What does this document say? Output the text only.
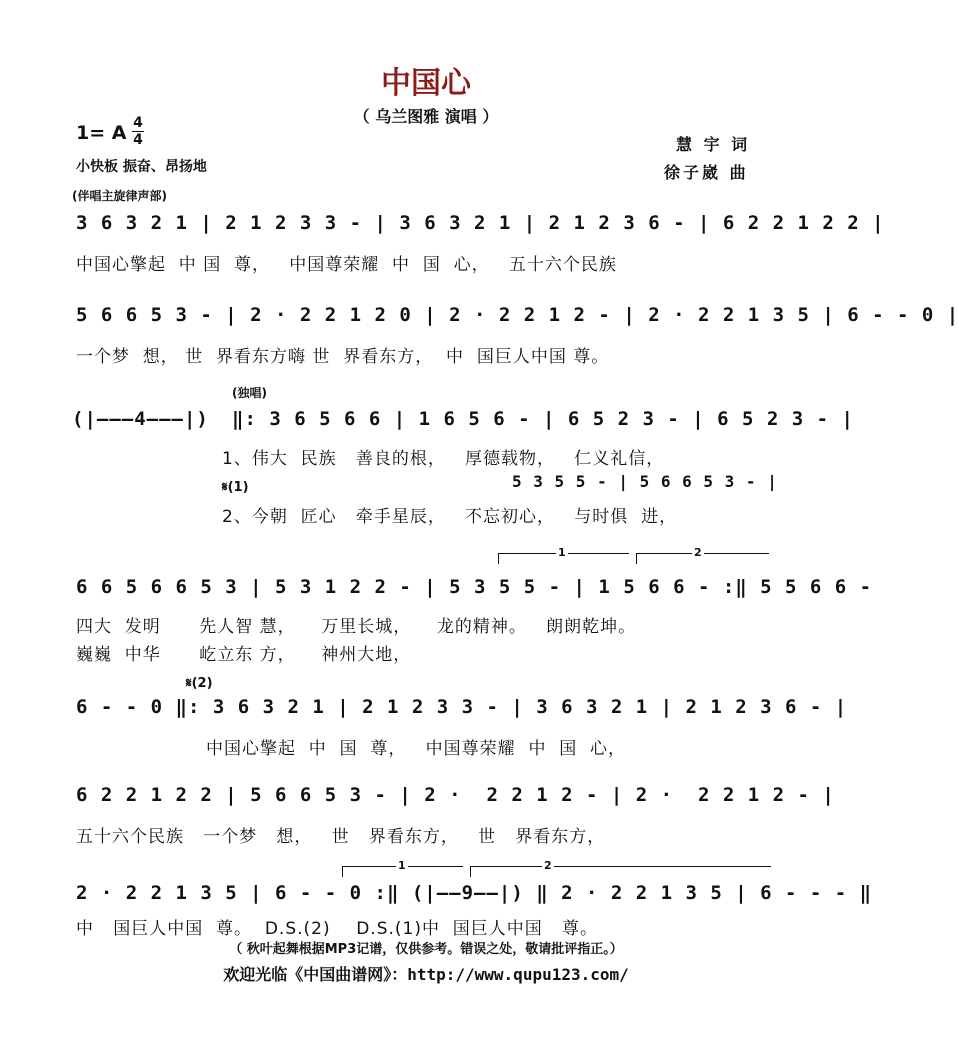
中国心
（ 乌兰图雅 演唱 ）
1= A 4
4
小快板 振奋、昂扬地
慧 宇 词
徐子崴 曲
(伴唱主旋律声部)
3 6 3 2 1 | 2 1 2 3 3 - | 3 6 3 2 1 | 2 1 2 3 6 - | 6 2 2 1 2 2 |
中国心擎起  中 国  尊，   中国尊荣耀  中  国  心，   五十六个民族
5 6 6 5 3 - | 2 · 2 2 1 2 0 | 2 · 2 2 1 2 - | 2 · 2 2 1 3 5 | 6 - - 0 |
一个梦  想， 世  界看东方嗨 世  界看东方，  中  国巨人中国 尊。
(独唱)
(|———4———|) ‖: 3 6 5 6 6 | 1 6 5 6 - | 6 5 2 3 - | 6 5 2 3 - |
1、伟大  民族   善良的根，   厚德载物，   仁义礼信，
𝄋(1)	5 3 5 5 - | 5 6 6 5 3 - |
2、今朝  匠心   牵手星辰，   不忘初心，   与时俱  进，
1	2
6 6 5 6 6 5 3 | 5 3 1 2 2 - | 5 3 5 5 - | 1 5 6 6 - :‖ 5 5 6 6 -
四大  发明      先人智 慧，    万里长城，    龙的精神。   朗朗乾坤。
巍巍  中华      屹立东 方，    神州大地，
𝄋(2)
6 - - 0 ‖: 3 6 3 2 1 | 2 1 2 3 3 - | 3 6 3 2 1 | 2 1 2 3 6 - |
中国心擎起  中  国  尊，   中国尊荣耀  中  国  心，
6 2 2 1 2 2 | 5 6 6 5 3 - | 2 ·  2 2 1 2 - | 2 ·  2 2 1 2 - |
五十六个民族   一个梦   想，   世   界看东方，   世   界看东方，
1	2
2 · 2 2 1 3 5 | 6 - - 0 :‖ (|——9——|) ‖ 2 · 2 2 1 3 5 | 6 - - - ‖
中   国巨人中国  尊。  D.S.(2)    D.S.(1)中  国巨人中国   尊。
（ 秋叶起舞根据MP3记谱，仅供参考。错误之处，敬请批评指正。）
欢迎光临《中国曲谱网》：http://www.qupu123.com/
